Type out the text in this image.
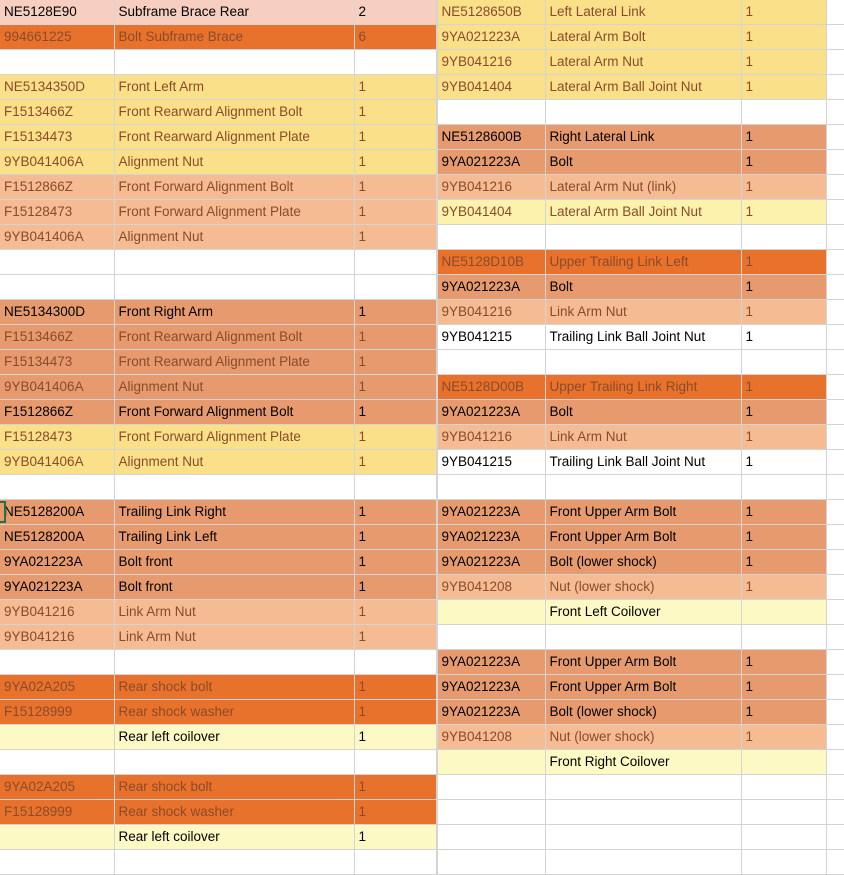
NE5128E90	Subframe Brace Rear	2		NE5128650B	Left Lateral Link	1	
994661225	Bolt Subframe Brace	6		9YA021223A	Lateral Arm Bolt	1	
				9YB041216	Lateral Arm Nut	1	
NE5134350D	Front Left Arm	1		9YB041404	Lateral Arm Ball Joint Nut	1	
F1513466Z	Front Rearward Alignment Bolt	1					
F15134473	Front Rearward Alignment Plate	1		NE5128600B	Right Lateral Link	1	
9YB041406A	Alignment Nut	1		9YA021223A	Bolt	1	
F1512866Z	Front Forward Alignment Bolt	1		9YB041216	Lateral Arm Nut (link)	1	
F15128473	Front Forward Alignment Plate	1		9YB041404	Lateral Arm Ball Joint Nut	1	
9YB041406A	Alignment Nut	1					
				NE5128D10B	Upper Trailing Link Left	1	
				9YA021223A	Bolt	1	
NE5134300D	Front Right Arm	1		9YB041216	Link Arm Nut	1	
F1513466Z	Front Rearward Alignment Bolt	1		9YB041215	Trailing Link Ball Joint Nut	1	
F15134473	Front Rearward Alignment Plate	1					
9YB041406A	Alignment Nut	1		NE5128D00B	Upper Trailing Link Right	1	
F1512866Z	Front Forward Alignment Bolt	1		9YA021223A	Bolt	1	
F15128473	Front Forward Alignment Plate	1		9YB041216	Link Arm Nut	1	
9YB041406A	Alignment Nut	1		9YB041215	Trailing Link Ball Joint Nut	1	

NE5128200A	Trailing Link Right	1		9YA021223A	Front Upper Arm Bolt	1	
NE5128200A	Trailing Link Left	1		9YA021223A	Front Upper Arm Bolt	1	
9YA021223A	Bolt front	1		9YA021223A	Bolt (lower shock)	1	
9YA021223A	Bolt front	1		9YB041208	Nut (lower shock)	1	
9YB041216	Link Arm Nut	1			Front Left Coilover		
9YB041216	Link Arm Nut	1					
				9YA021223A	Front Upper Arm Bolt	1	
9YA02A205	Rear shock bolt	1		9YA021223A	Front Upper Arm Bolt	1	
F15128999	Rear shock washer	1		9YA021223A	Bolt (lower shock)	1	
	Rear left coilover	1		9YB041208	Nut (lower shock)	1	
					Front Right Coilover		
9YA02A205	Rear shock bolt	1					
F15128999	Rear shock washer	1					
	Rear left coilover	1					
